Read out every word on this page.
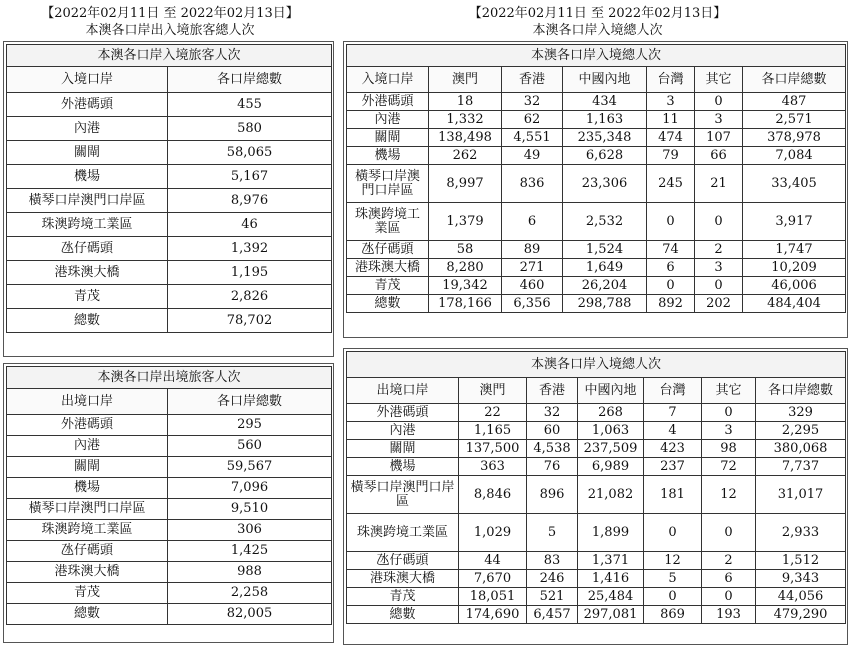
【2022年02月11日 至 2022年02月13日】
本澳各口岸出入境旅客總人次
【2022年02月11日 至 2022年02月13日】
本澳各口岸入境總人次
本澳各口岸入境旅客人次	
入境口岸	各口岸總數
外港碼頭	455
內港	580
關閘	58,065
機場	5,167
橫琴口岸澳門口岸區	8,976
珠澳跨境工業區	46
氹仔碼頭	1,392
港珠澳大橋	1,195
青茂	2,826
總數	78,702
本澳各口岸出境旅客人次	
出境口岸	各口岸總數
外港碼頭	295
內港	560
關閘	59,567
機場	7,096
橫琴口岸澳門口岸區	9,510
珠澳跨境工業區	306
氹仔碼頭	1,425
港珠澳大橋	988
青茂	2,258
總數	82,005
本澳各口岸入境總人次						
入境口岸	澳門	香港	中國內地	台灣	其它	各口岸總數
外港碼頭	18	32	434	3	0	487
內港	1,332	62	1,163	11	3	2,571
關閘	138,498	4,551	235,348	474	107	378,978
機場	262	49	6,628	79	66	7,084
橫琴口岸澳門口岸區	8,997	836	23,306	245	21	33,405
珠澳跨境工業區	1,379	6	2,532	0	0	3,917
氹仔碼頭	58	89	1,524	74	2	1,747
港珠澳大橋	8,280	271	1,649	6	3	10,209
青茂	19,342	460	26,204	0	0	46,006
總數	178,166	6,356	298,788	892	202	484,404
本澳各口岸入境總人次						
出境口岸	澳門	香港	中國內地	台灣	其它	各口岸總數
外港碼頭	22	32	268	7	0	329
內港	1,165	60	1,063	4	3	2,295
關閘	137,500	4,538	237,509	423	98	380,068
機場	363	76	6,989	237	72	7,737
橫琴口岸澳門口岸區	8,846	896	21,082	181	12	31,017
珠澳跨境工業區	1,029	5	1,899	0	0	2,933
氹仔碼頭	44	83	1,371	12	2	1,512
港珠澳大橋	7,670	246	1,416	5	6	9,343
青茂	18,051	521	25,484	0	0	44,056
總數	174,690	6,457	297,081	869	193	479,290
